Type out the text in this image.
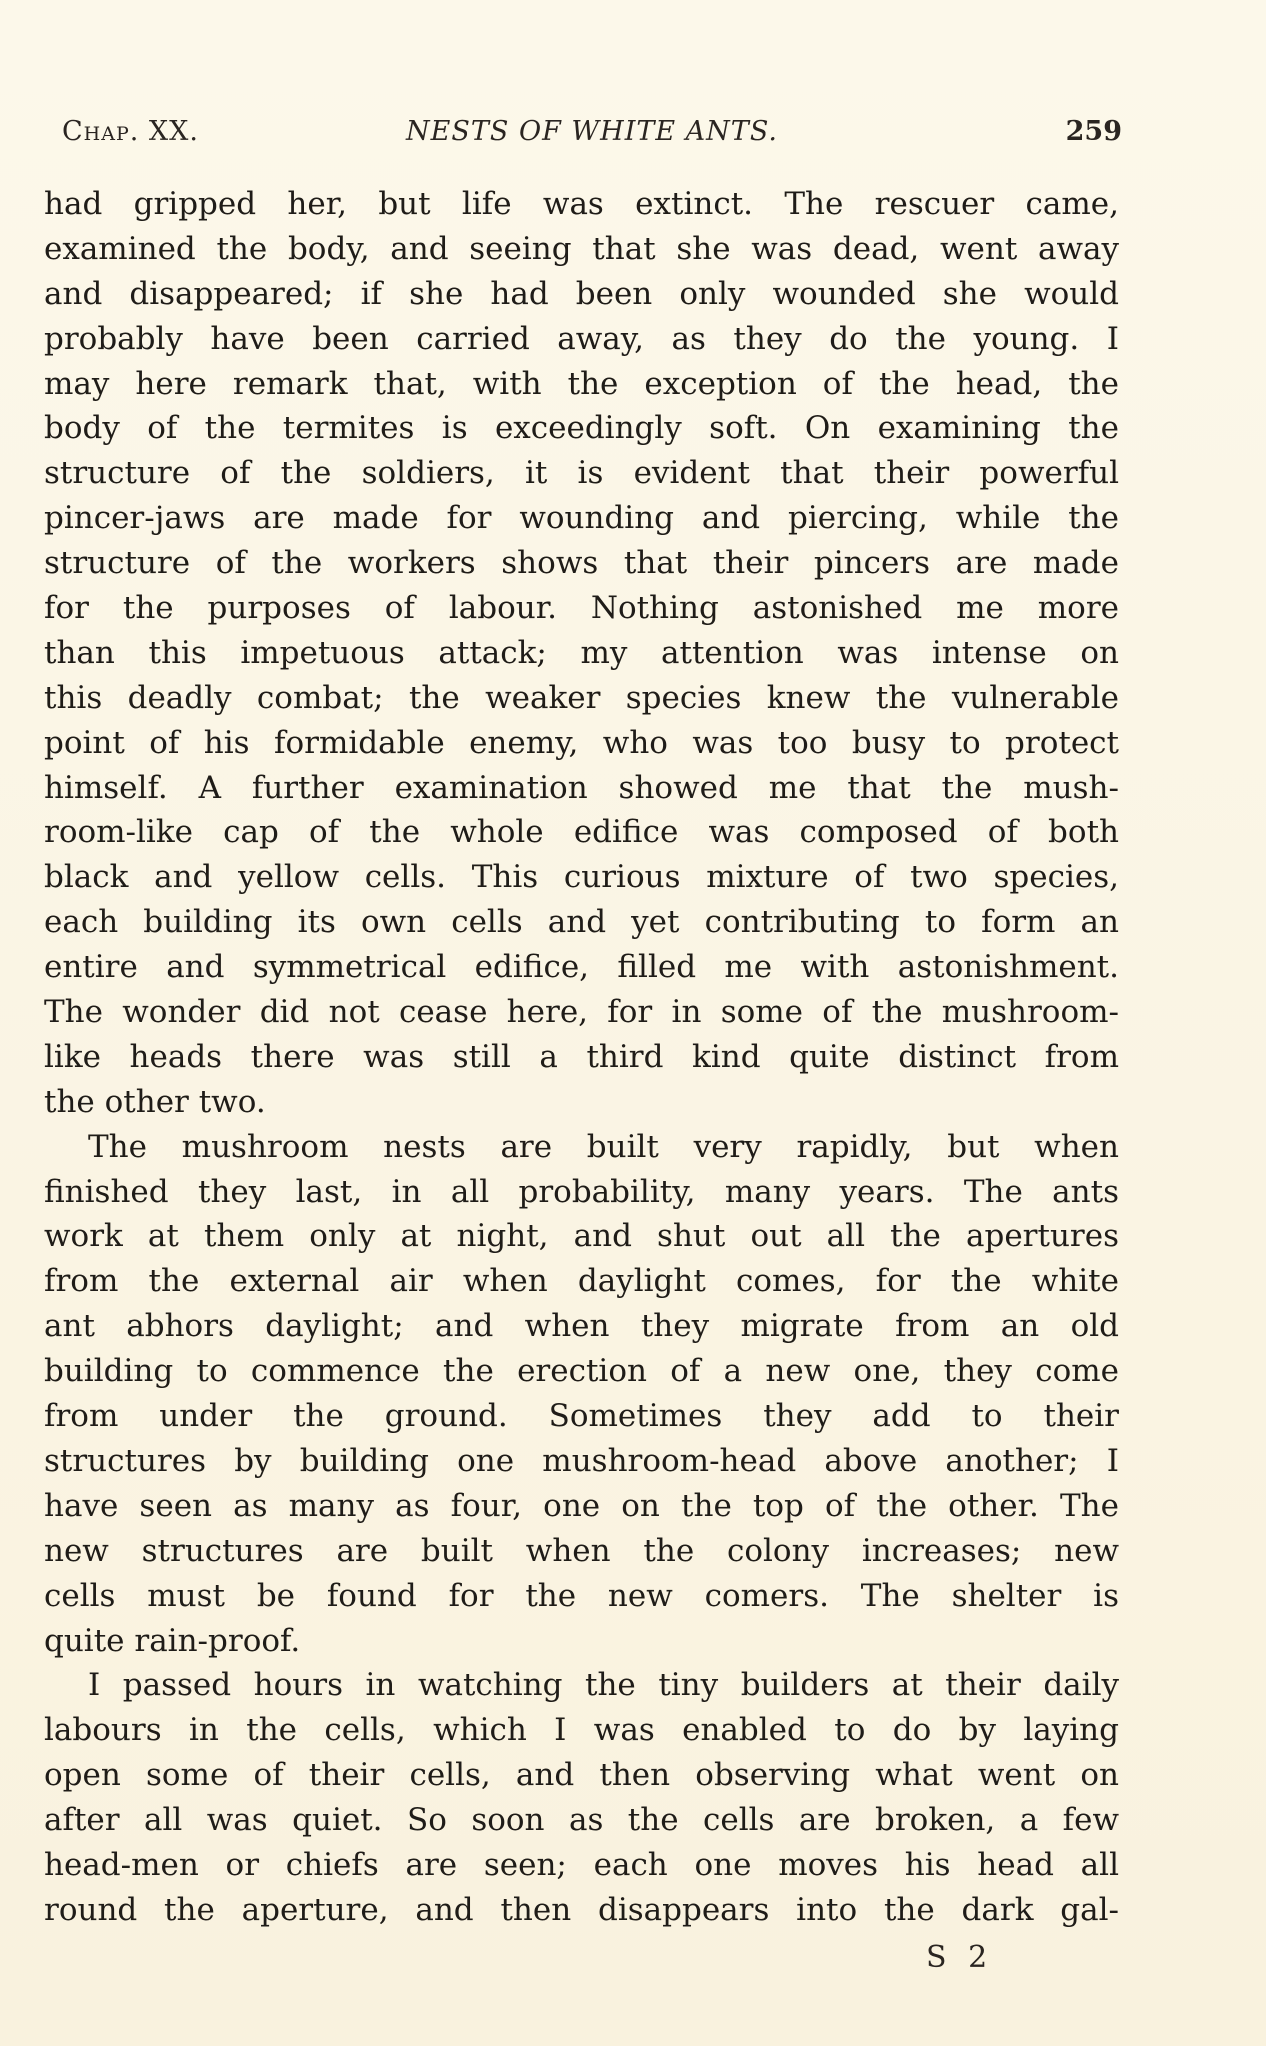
Chap. XX.	NESTS OF WHITE ANTS.	259
had gripped her, but life was extinct. The rescuer came,
examined the body, and seeing that she was dead, went away
and disappeared; if she had been only wounded she would
probably have been carried away, as they do the young. I
may here remark that, with the exception of the head, the
body of the termites is exceedingly soft. On examining the
structure of the soldiers, it is evident that their powerful
pincer-jaws are made for wounding and piercing, while the
structure of the workers shows that their pincers are made
for the purposes of labour. Nothing astonished me more
than this impetuous attack; my attention was intense on
this deadly combat; the weaker species knew the vulnerable
point of his formidable enemy, who was too busy to protect
himself. A further examination showed me that the mush-
room-like cap of the whole edifice was composed of both
black and yellow cells. This curious mixture of two species,
each building its own cells and yet contributing to form an
entire and symmetrical edifice, filled me with astonishment.
The wonder did not cease here, for in some of the mushroom-
like heads there was still a third kind quite distinct from
the other two.
The mushroom nests are built very rapidly, but when
finished they last, in all probability, many years. The ants
work at them only at night, and shut out all the apertures
from the external air when daylight comes, for the white
ant abhors daylight; and when they migrate from an old
building to commence the erection of a new one, they come
from under the ground. Sometimes they add to their
structures by building one mushroom-head above another; I
have seen as many as four, one on the top of the other. The
new structures are built when the colony increases; new
cells must be found for the new comers. The shelter is
quite rain-proof.
I passed hours in watching the tiny builders at their daily
labours in the cells, which I was enabled to do by laying
open some of their cells, and then observing what went on
after all was quiet. So soon as the cells are broken, a few
head-men or chiefs are seen; each one moves his head all
round the aperture, and then disappears into the dark gal-
S 2
